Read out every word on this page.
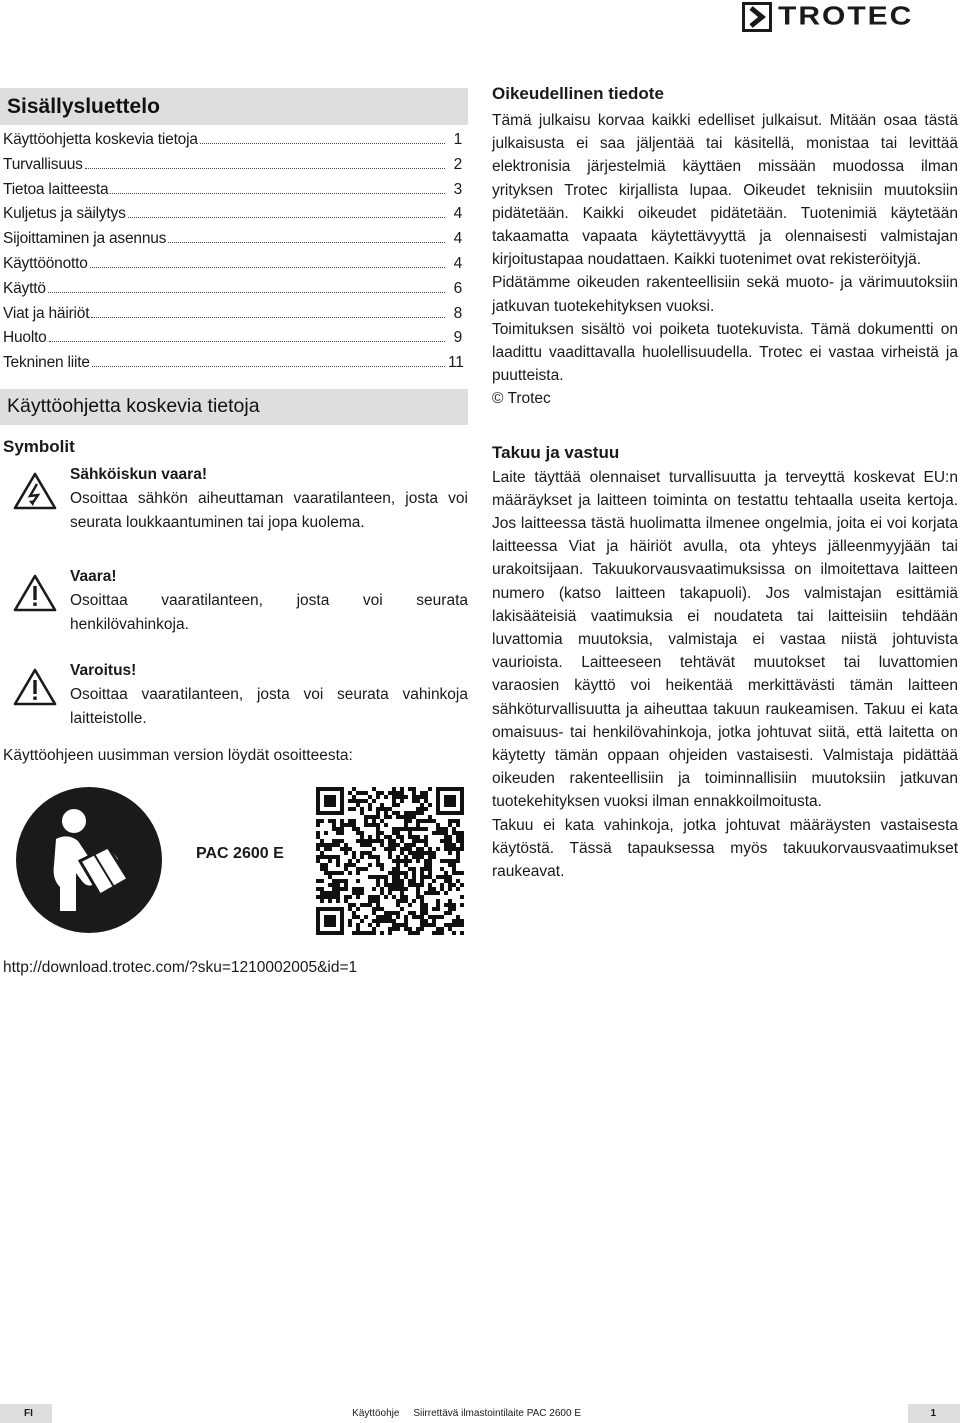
TROTEC
Sisällysluettelo
Käyttöohjetta koskevia tietoja	1
Turvallisuus	2
Tietoa laitteesta	3
Kuljetus ja säilytys	4
Sijoittaminen ja asennus	4
Käyttöönotto	4
Käyttö	6
Viat ja häiriöt	8
Huolto	9
Tekninen liite	11
Käyttöohjetta koskevia tietoja
Symbolit
Sähköiskun vaara!
Osoittaa sähkön aiheuttaman vaaratilanteen, josta voi seurata loukkaantuminen tai jopa kuolema.
Vaara!
Osoittaa vaaratilanteen, josta voi seurata henkilövahinkoja.
Varoitus!
Osoittaa vaaratilanteen, josta voi seurata vahinkoja laitteistolle.
Käyttöohjeen uusimman version löydät osoitteesta:
PAC 2600 E
http://download.trotec.com/?sku=1210002005&id=1
Oikeudellinen tiedote
Tämä julkaisu korvaa kaikki edelliset julkaisut. Mitään osaa tästä julkaisusta ei saa jäljentää tai käsitellä, monistaa tai levittää elektronisia järjestelmiä käyttäen missään muodossa ilman yrityksen Trotec kirjallista lupaa. Oikeudet teknisiin muutoksiin pidätetään. Kaikki oikeudet pidätetään. Tuotenimiä käytetään takaamatta vapaata käytettävyyttä ja olennaisesti valmistajan kirjoitustapaa noudattaen. Kaikki tuotenimet ovat rekisteröityjä.
Pidätämme oikeuden rakenteellisiin sekä muoto- ja värimuutoksiin jatkuvan tuotekehityksen vuoksi.
Toimituksen sisältö voi poiketa tuotekuvista. Tämä dokumentti on laadittu vaadittavalla huolellisuudella. Trotec ei vastaa virheistä ja puutteista.
© Trotec
Takuu ja vastuu
Laite täyttää olennaiset turvallisuutta ja terveyttä koskevat EU:n määräykset ja laitteen toiminta on testattu tehtaalla useita kertoja. Jos laitteessa tästä huolimatta ilmenee ongelmia, joita ei voi korjata laitteessa Viat ja häiriöt avulla, ota yhteys jälleenmyyjään tai urakoitsijaan. Takuukorvausvaatimuksissa on ilmoitettava laitteen numero (katso laitteen takapuoli). Jos valmistajan esittämiä lakisääteisiä vaatimuksia ei noudateta tai laitteisiin tehdään luvattomia muutoksia, valmistaja ei vastaa niistä johtuvista vaurioista. Laitteeseen tehtävät muutokset tai luvattomien varaosien käyttö voi heikentää merkittävästi tämän laitteen sähköturvallisuutta ja aiheuttaa takuun raukeamisen. Takuu ei kata omaisuus- tai henkilövahinkoja, jotka johtuvat siitä, että laitetta on käytetty tämän oppaan ohjeiden vastaisesti. Valmistaja pidättää oikeuden rakenteellisiin ja toiminnallisiin muutoksiin jatkuvan tuotekehityksen vuoksi ilman ennakkoilmoitusta.
Takuu ei kata vahinkoja, jotka johtuvat määräysten vastaisesta käytöstä. Tässä tapauksessa myös takuukorvausvaatimukset raukeavat.
FI	Käyttöohje     Siirrettävä ilmastointilaite PAC 2600 E	1
